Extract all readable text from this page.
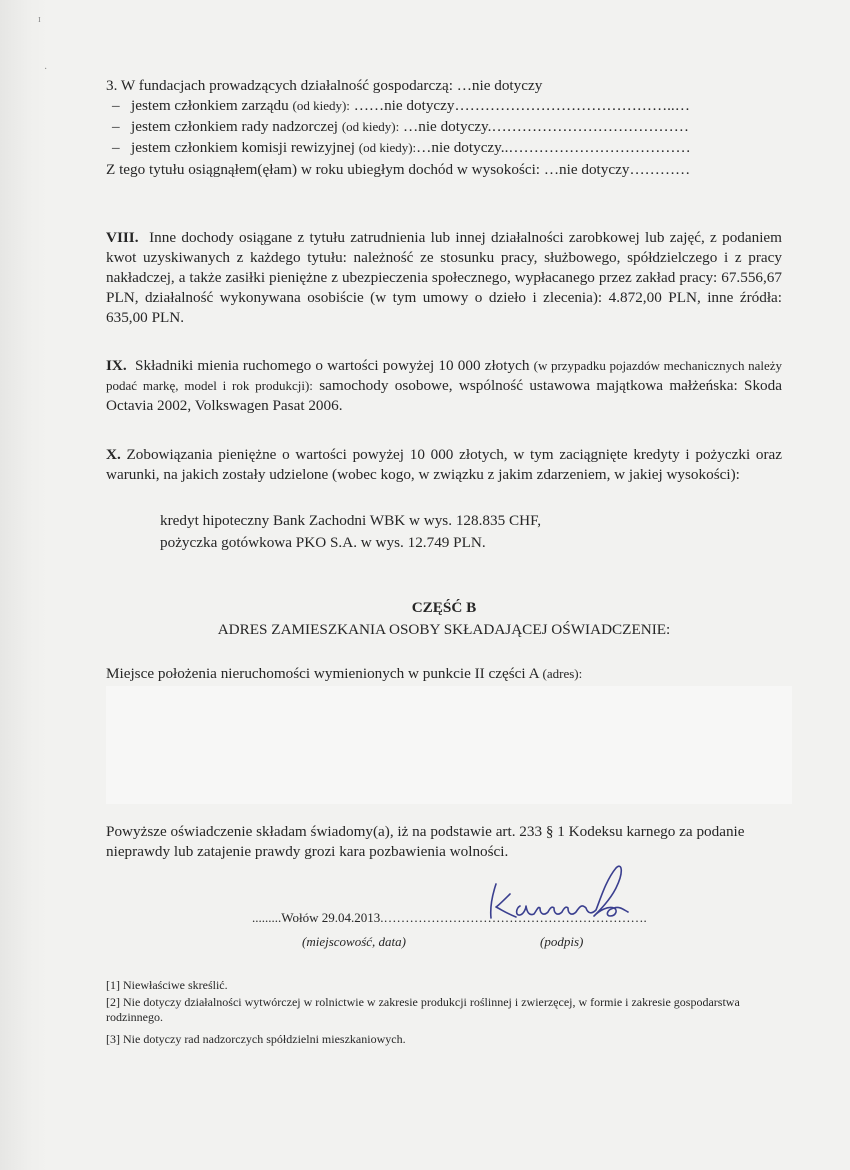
ɪ
·
3. W fundacjach prowadzących działalność gospodarczą: …nie dotyczy
– jestem członkiem zarządu (od kiedy): ……nie dotyczy……………………………………..…
– jestem członkiem rady nadzorczej (od kiedy): …nie dotyczy.…………………………………
– jestem członkiem komisji rewizyjnej (od kiedy):…nie dotyczy..………………………………
Z tego tytułu osiągnąłem(ęłam) w roku ubiegłym dochód w wysokości: …nie dotyczy…………
VIII. Inne dochody osiągane z tytułu zatrudnienia lub innej działalności zarobkowej lub zajęć, z podaniem kwot uzyskiwanych z każdego tytułu: należność ze stosunku pracy, służbowego, spółdzielczego i z pracy nakładczej, a także zasiłki pieniężne z ubezpieczenia społecznego, wypłacanego przez zakład pracy: 67.556,67 PLN, działalność wykonywana osobiście (w tym umowy o dzieło i zlecenia): 4.872,00 PLN, inne źródła: 635,00 PLN.
IX. Składniki mienia ruchomego o wartości powyżej 10 000 złotych (w przypadku pojazdów mechanicznych należy podać markę, model i rok produkcji): samochody osobowe, wspólność ustawowa majątkowa małżeńska: Skoda Octavia 2002, Volkswagen Pasat 2006.
X. Zobowiązania pieniężne o wartości powyżej 10 000 złotych, w tym zaciągnięte kredyty i pożyczki oraz warunki, na jakich zostały udzielone (wobec kogo, w związku z jakim zdarzeniem, w jakiej wysokości):
kredyt hipoteczny Bank Zachodni WBK w wys. 128.835 CHF,
pożyczka gotówkowa PKO S.A. w wys. 12.749 PLN.
CZĘŚĆ B
ADRES ZAMIESZKANIA OSOBY SKŁADAJĄCEJ OŚWIADCZENIE:
Miejsce położenia nieruchomości wymienionych w punkcie II części A (adres):
Powyższe oświadczenie składam świadomy(a), iż na podstawie art. 233 § 1 Kodeksu karnego za podanie nieprawdy lub zatajenie prawdy grozi kara pozbawienia wolności.
.........Wołów 29.04.2013.…………………………………………………….
(miejscowość, data)	(podpis)
[1] Niewłaściwe skreślić.
[2] Nie dotyczy działalności wytwórczej w rolnictwie w zakresie produkcji roślinnej i zwierzęcej, w formie i zakresie gospodarstwa rodzinnego.
[3] Nie dotyczy rad nadzorczych spółdzielni mieszkaniowych.
